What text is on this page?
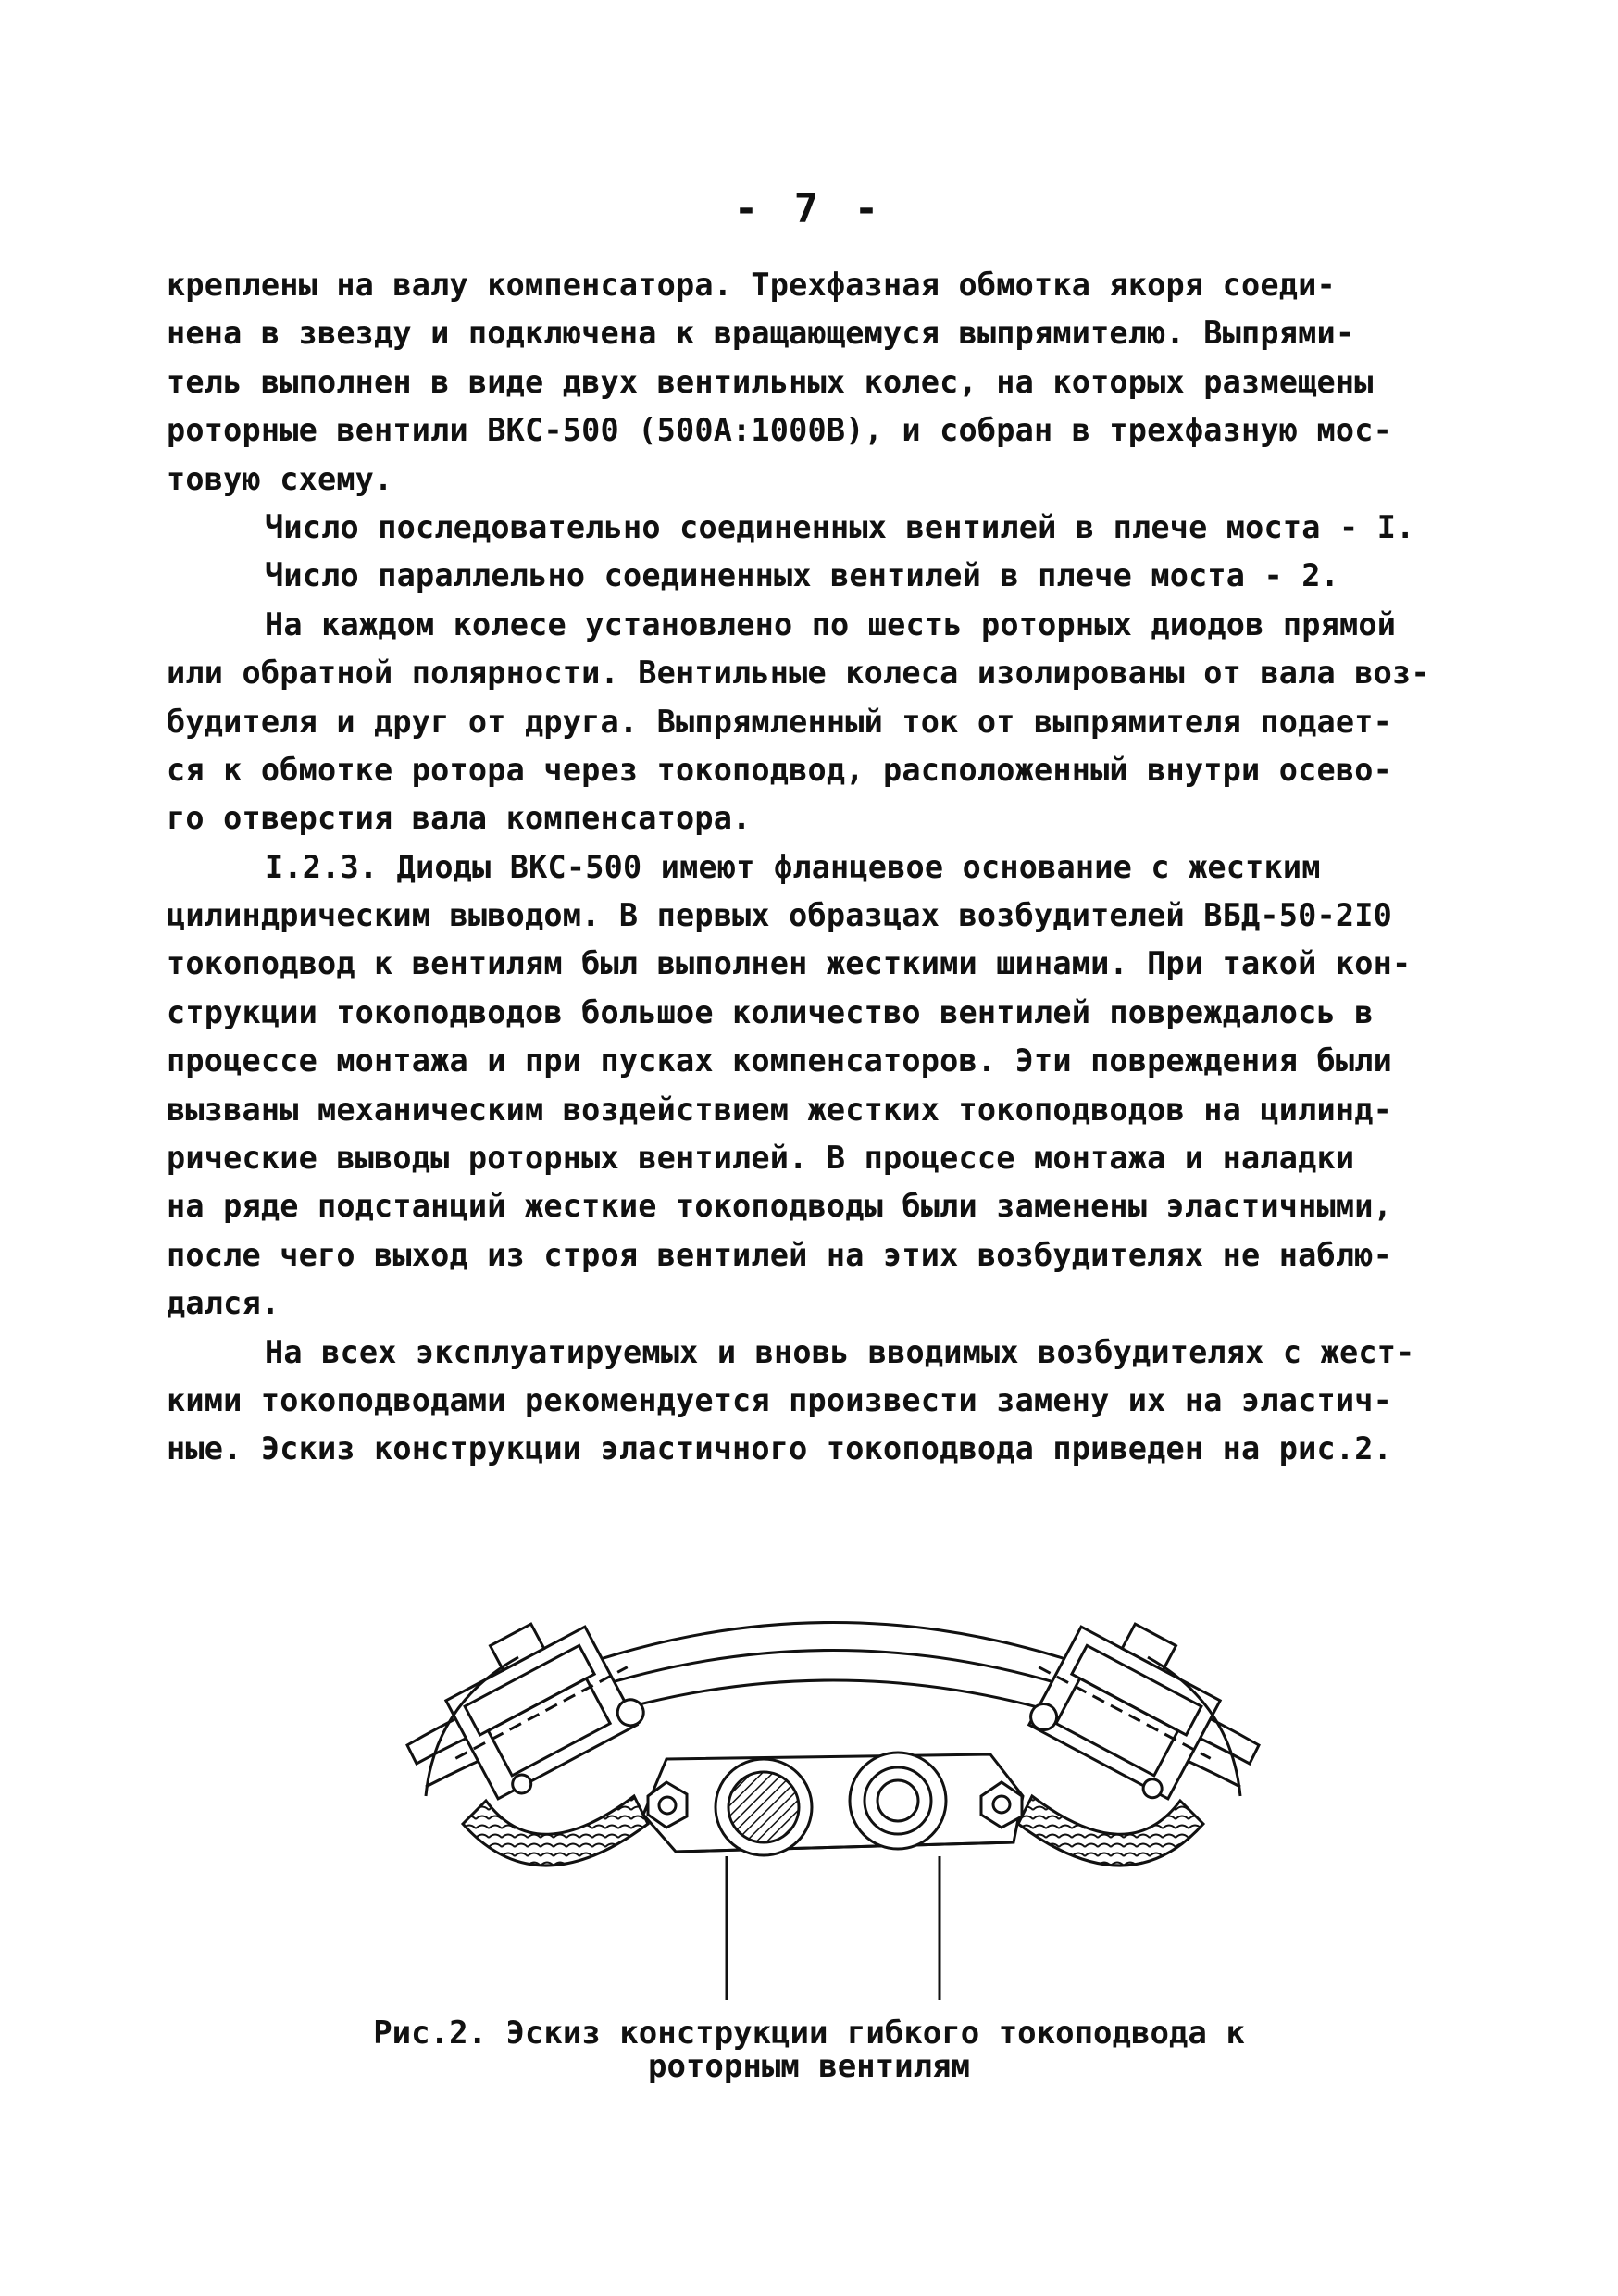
- 7 -
креплены на валу компенсатора. Трехфазная обмотка якоря соеди-
нена в звезду и подключена к вращающемуся выпрямителю. Выпрями-
тель выполнен в виде двух вентильных колес, на которых размещены
роторные вентили ВКС-500 (500А:1000В), и собран в трехфазную мос-
товую схему.
Число последовательно соединенных вентилей в плече моста - I.
Число параллельно соединенных вентилей в плече моста - 2.
На каждом колесе установлено по шесть роторных диодов прямой
или обратной полярности. Вентильные колеса изолированы от вала воз-
будителя и друг от друга. Выпрямленный ток от выпрямителя подает-
ся к обмотке ротора через токоподвод, расположенный внутри осево-
го отверстия вала компенсатора.
I.2.3. Диоды ВКС-500 имеют фланцевое основание с жестким
цилиндрическим выводом. В первых образцах возбудителей ВБД-50-2I0
токоподвод к вентилям был выполнен жесткими шинами. При такой кон-
струкции токоподводов большое количество вентилей повреждалось в
процессе монтажа и при пусках компенсаторов. Эти повреждения были
вызваны механическим воздействием жестких токоподводов на цилинд-
рические выводы роторных вентилей. В процессе монтажа и наладки
на ряде подстанций жесткие токоподводы были заменены эластичными,
после чего выход из строя вентилей на этих возбудителях не наблю-
дался.
На всех эксплуатируемых и вновь вводимых возбудителях с жест-
кими токоподводами рекомендуется произвести замену их на эластич-
ные. Эскиз конструкции эластичного токоподвода приведен на рис.2.
Рис.2. Эскиз конструкции гибкого токоподвода к
роторным вентилям
